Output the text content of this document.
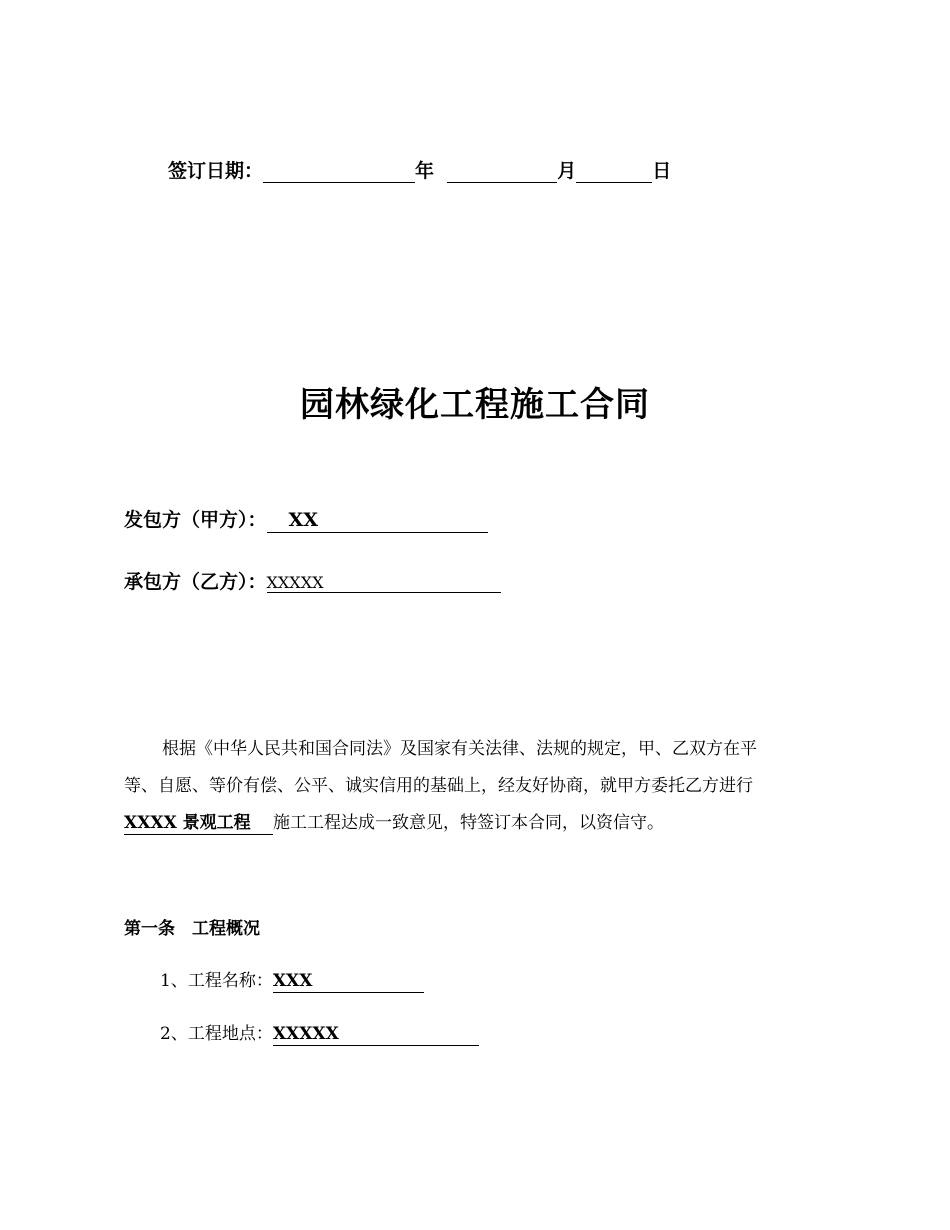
签订日期：	年	月	日
园林绿化工程施工合同
发包方（甲方）： XX
承包方（乙方）：XXXXX
根据《中华人民共和国合同法》及国家有关法律、法规的规定，甲、乙双方在平
等、自愿、等价有偿、公平、诚实信用的基础上，经友好协商，就甲方委托乙方进行
XXXX 景观工程 施工工程达成一致意见，特签订本合同，以资信守。
第一条　工程概况
1、工程名称：XXX
2、工程地点：XXXXX
